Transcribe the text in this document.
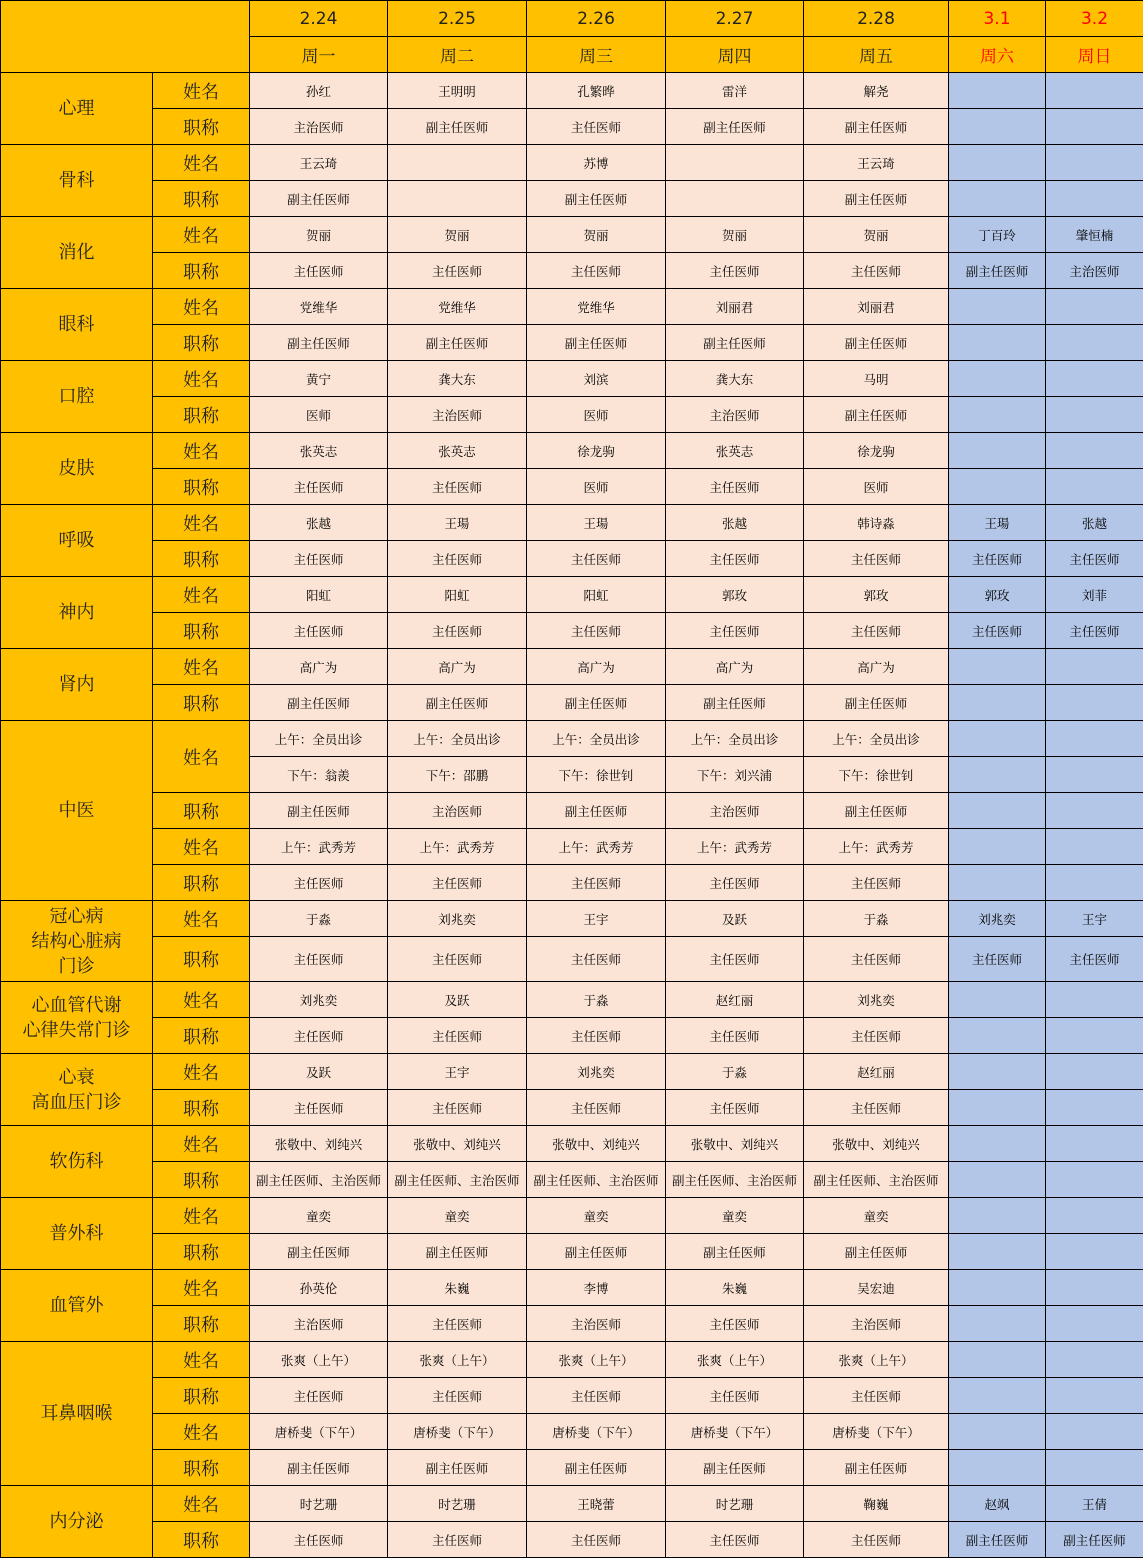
		2.24	2.25	2.26	2.27	2.28	3.1	3.2
		周一	周二	周三	周四	周五	周六	周日
心理	姓名	孙红	王明明	孔繁晔	雷洋	解尧		
	职称	主治医师	副主任医师	主任医师	副主任医师	副主任医师		
骨科	姓名	王云琦		苏博		王云琦		
	职称	副主任医师		副主任医师		副主任医师		
消化	姓名	贺丽	贺丽	贺丽	贺丽	贺丽	丁百玲	肇恒楠
	职称	主任医师	主任医师	主任医师	主任医师	主任医师	副主任医师	主治医师
眼科	姓名	党维华	党维华	党维华	刘丽君	刘丽君		
	职称	副主任医师	副主任医师	副主任医师	副主任医师	副主任医师		
口腔	姓名	黄宁	龚大东	刘滨	龚大东	马明		
	职称	医师	主治医师	医师	主治医师	副主任医师		
皮肤	姓名	张英志	张英志	徐龙驹	张英志	徐龙驹		
	职称	主任医师	主任医师	医师	主任医师	医师		
呼吸	姓名	张越	王瑒	王瑒	张越	韩诗淼	王瑒	张越
	职称	主任医师	主任医师	主任医师	主任医师	主任医师	主任医师	主任医师
神内	姓名	阳虹	阳虹	阳虹	郭玫	郭玫	郭玫	刘菲
	职称	主任医师	主任医师	主任医师	主任医师	主任医师	主任医师	主任医师
肾内	姓名	高广为	高广为	高广为	高广为	高广为		
	职称	副主任医师	副主任医师	副主任医师	副主任医师	副主任医师		
中医	姓名	上午：全员出诊	上午：全员出诊	上午：全员出诊	上午：全员出诊	上午：全员出诊		
		下午：翁羨	下午：邵鹏	下午：徐世钊	下午：刘兴浦	下午：徐世钊		
	职称	副主任医师	主治医师	副主任医师	主治医师	副主任医师		
	姓名	上午：武秀芳	上午：武秀芳	上午：武秀芳	上午：武秀芳	上午：武秀芳		
	职称	主任医师	主任医师	主任医师	主任医师	主任医师		
冠心病
结构心脏病
门诊	姓名	于淼	刘兆奕	王宇	及跃	于淼	刘兆奕	王宇
	职称	主任医师	主任医师	主任医师	主任医师	主任医师	主任医师	主任医师
心血管代谢
心律失常门诊	姓名	刘兆奕	及跃	于淼	赵红丽	刘兆奕		
	职称	主任医师	主任医师	主任医师	主任医师	主任医师		
心衰
高血压门诊	姓名	及跃	王宇	刘兆奕	于淼	赵红丽		
	职称	主任医师	主任医师	主任医师	主任医师	主任医师		
软伤科	姓名	张敬中、刘纯兴	张敬中、刘纯兴	张敬中、刘纯兴	张敬中、刘纯兴	张敬中、刘纯兴		
	职称	副主任医师、主治医师	副主任医师、主治医师	副主任医师、主治医师	副主任医师、主治医师	副主任医师、主治医师		
普外科	姓名	童奕	童奕	童奕	童奕	童奕		
	职称	副主任医师	副主任医师	副主任医师	副主任医师	副主任医师		
血管外	姓名	孙英伦	朱巍	李博	朱巍	吴宏迪		
	职称	主治医师	主任医师	主治医师	主任医师	主治医师		
耳鼻咽喉	姓名	张爽（上午）	张爽（上午）	张爽（上午）	张爽（上午）	张爽（上午）		
	职称	主任医师	主任医师	主任医师	主任医师	主任医师		
	姓名	唐桥斐（下午）	唐桥斐（下午）	唐桥斐（下午）	唐桥斐（下午）	唐桥斐（下午）		
	职称	副主任医师	副主任医师	副主任医师	副主任医师	副主任医师		
内分泌	姓名	时艺珊	时艺珊	王晓蕾	时艺珊	鞠巍	赵飒	王倩
	职称	主任医师	主任医师	主任医师	主任医师	主任医师	副主任医师	副主任医师
